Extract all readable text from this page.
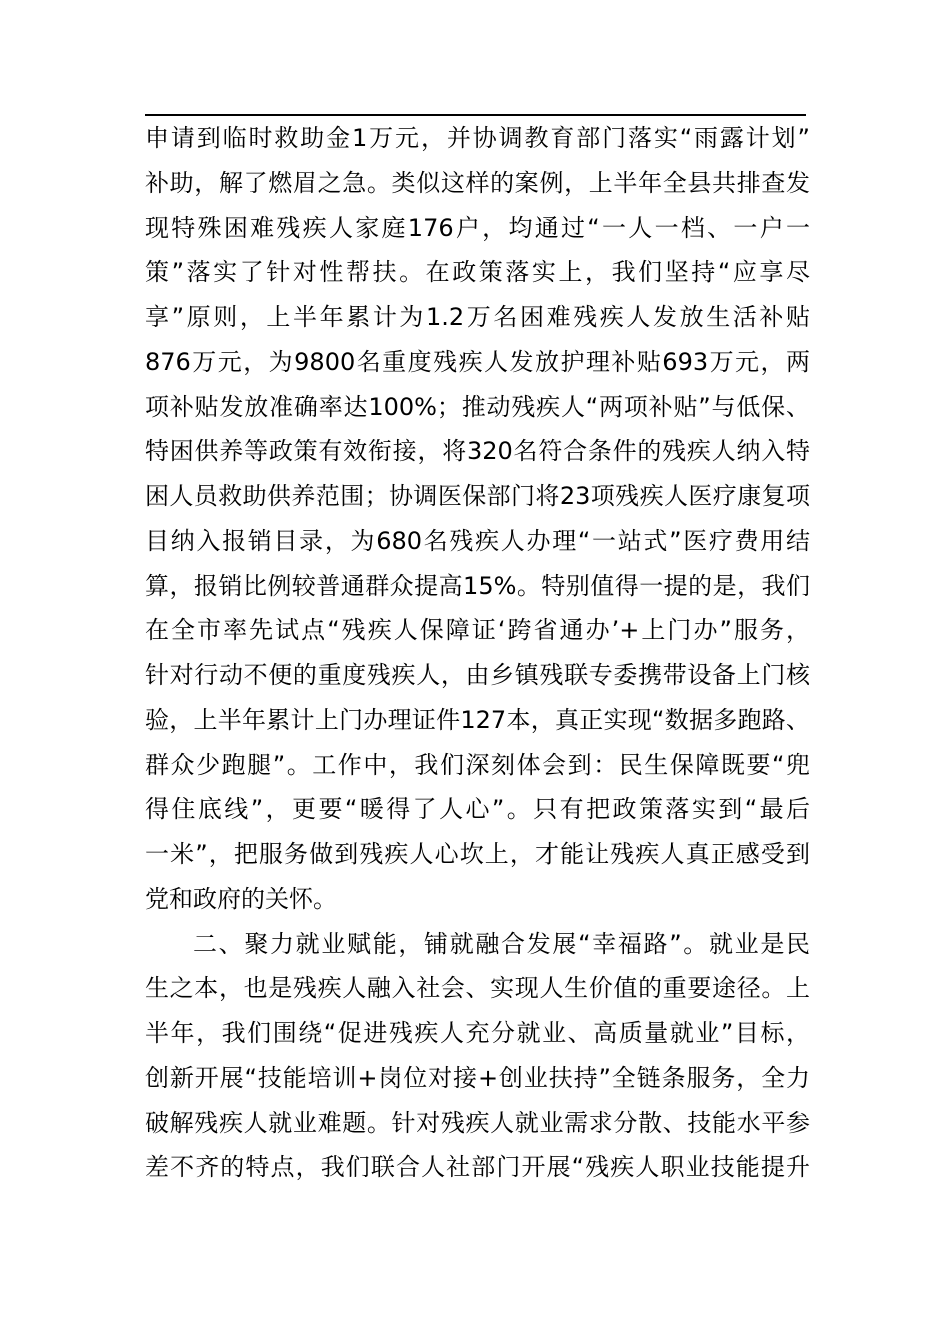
申请到临时救助金1万元，并协调教育部门落实“雨露计划”
补助，解了燃眉之急。类似这样的案例，上半年全县共排查发
现特殊困难残疾人家庭176户，均通过“一人一档、一户一
策”落实了针对性帮扶。在政策落实上，我们坚持“应享尽
享”原则，上半年累计为1.2万名困难残疾人发放生活补贴
876万元，为9800名重度残疾人发放护理补贴693万元，两
项补贴发放准确率达100%；推动残疾人“两项补贴”与低保、
特困供养等政策有效衔接，将320名符合条件的残疾人纳入特
困人员救助供养范围；协调医保部门将23项残疾人医疗康复项
目纳入报销目录，为680名残疾人办理“一站式”医疗费用结
算，报销比例较普通群众提高15%。特别值得一提的是，我们
在全市率先试点“残疾人保障证‘跨省通办’+上门办”服务，
针对行动不便的重度残疾人，由乡镇残联专委携带设备上门核
验，上半年累计上门办理证件127本，真正实现“数据多跑路、
群众少跑腿”。工作中，我们深刻体会到：民生保障既要“兜
得住底线”，更要“暖得了人心”。只有把政策落实到“最后
一米”，把服务做到残疾人心坎上，才能让残疾人真正感受到
党和政府的关怀。
二、聚力就业赋能，铺就融合发展“幸福路”。就业是民
生之本，也是残疾人融入社会、实现人生价值的重要途径。上
半年，我们围绕“促进残疾人充分就业、高质量就业”目标，
创新开展“技能培训+岗位对接+创业扶持”全链条服务，全力
破解残疾人就业难题。针对残疾人就业需求分散、技能水平参
差不齐的特点，我们联合人社部门开展“残疾人职业技能提升
